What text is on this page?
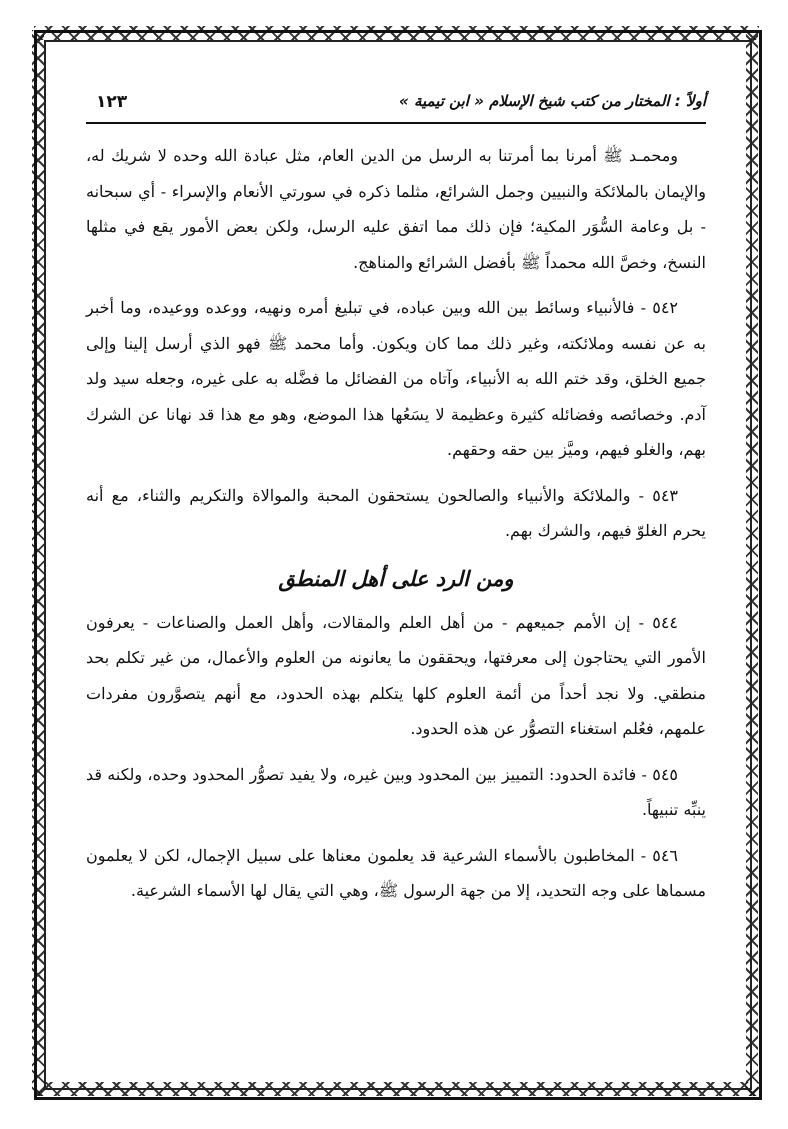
أولاً : المختار من كتب شيخ الإسلام « ابن تيمية »
١٢٣

ومحمـد ﷺ أمرنا بما أمرتنا به الرسل من الدين العام، مثل عبادة الله وحده لا شريك له، والإيمان بالملائكة والنبيين وجمل الشرائع، مثلما ذكره في سورتي الأنعام والإسراء - أي سبحانه - بل وعامة السُّوَر المكية؛ فإن ذلك مما اتفق عليه الرسل، ولكن بعض الأمور يقع في مثلها النسخ، وخصَّ الله محمداً ﷺ بأفضل الشرائع والمناهج.

٥٤٢ - فالأنبياء وسائط بين الله وبين عباده، في تبليغ أمره ونهيه، ووعده ووعيده، وما أخبر به عن نفسه وملائكته، وغير ذلك مما كان ويكون. وأما محمد ﷺ فهو الذي أرسل إلينا وإلى جميع الخلق، وقد ختم الله به الأنبياء، وآتاه من الفضائل ما فضَّله به على غيره، وجعله سيد ولد آدم. وخصائصه وفضائله كثيرة وعظيمة لا يسَعُها هذا الموضع، وهو مع هذا قد نهانا عن الشرك بهم، والغلو فيهم، وميَّز بين حقه وحقهم.

٥٤٣ - والملائكة والأنبياء والصالحون يستحقون المحبة والموالاة والتكريم والثناء، مع أنه يحرم الغلوّ فيهم، والشرك بهم.

ومن الرد على أهل المنطق

٥٤٤ - إن الأمم جميعهم - من أهل العلم والمقالات، وأهل العمل والصناعات - يعرفون الأمور التي يحتاجون إلى معرفتها، ويحققون ما يعانونه من العلوم والأعمال، من غير تكلم بحد منطقي. ولا نجد أحداً من أئمة العلوم كلها يتكلم بهذه الحدود، مع أنهم يتصوَّرون مفردات علمهم، فعُلم استغناء التصوُّر عن هذه الحدود.

٥٤٥ - فائدة الحدود: التمييز بين المحدود وبين غيره، ولا يفيد تصوُّر المحدود وحده، ولكنه قد ينبِّه تنبيهاً.

٥٤٦ - المخاطبون بالأسماء الشرعية قد يعلمون معناها على سبيل الإجمال، لكن لا يعلمون مسماها على وجه التحديد، إلا من جهة الرسول ﷺ، وهي التي يقال لها الأسماء الشرعية.
